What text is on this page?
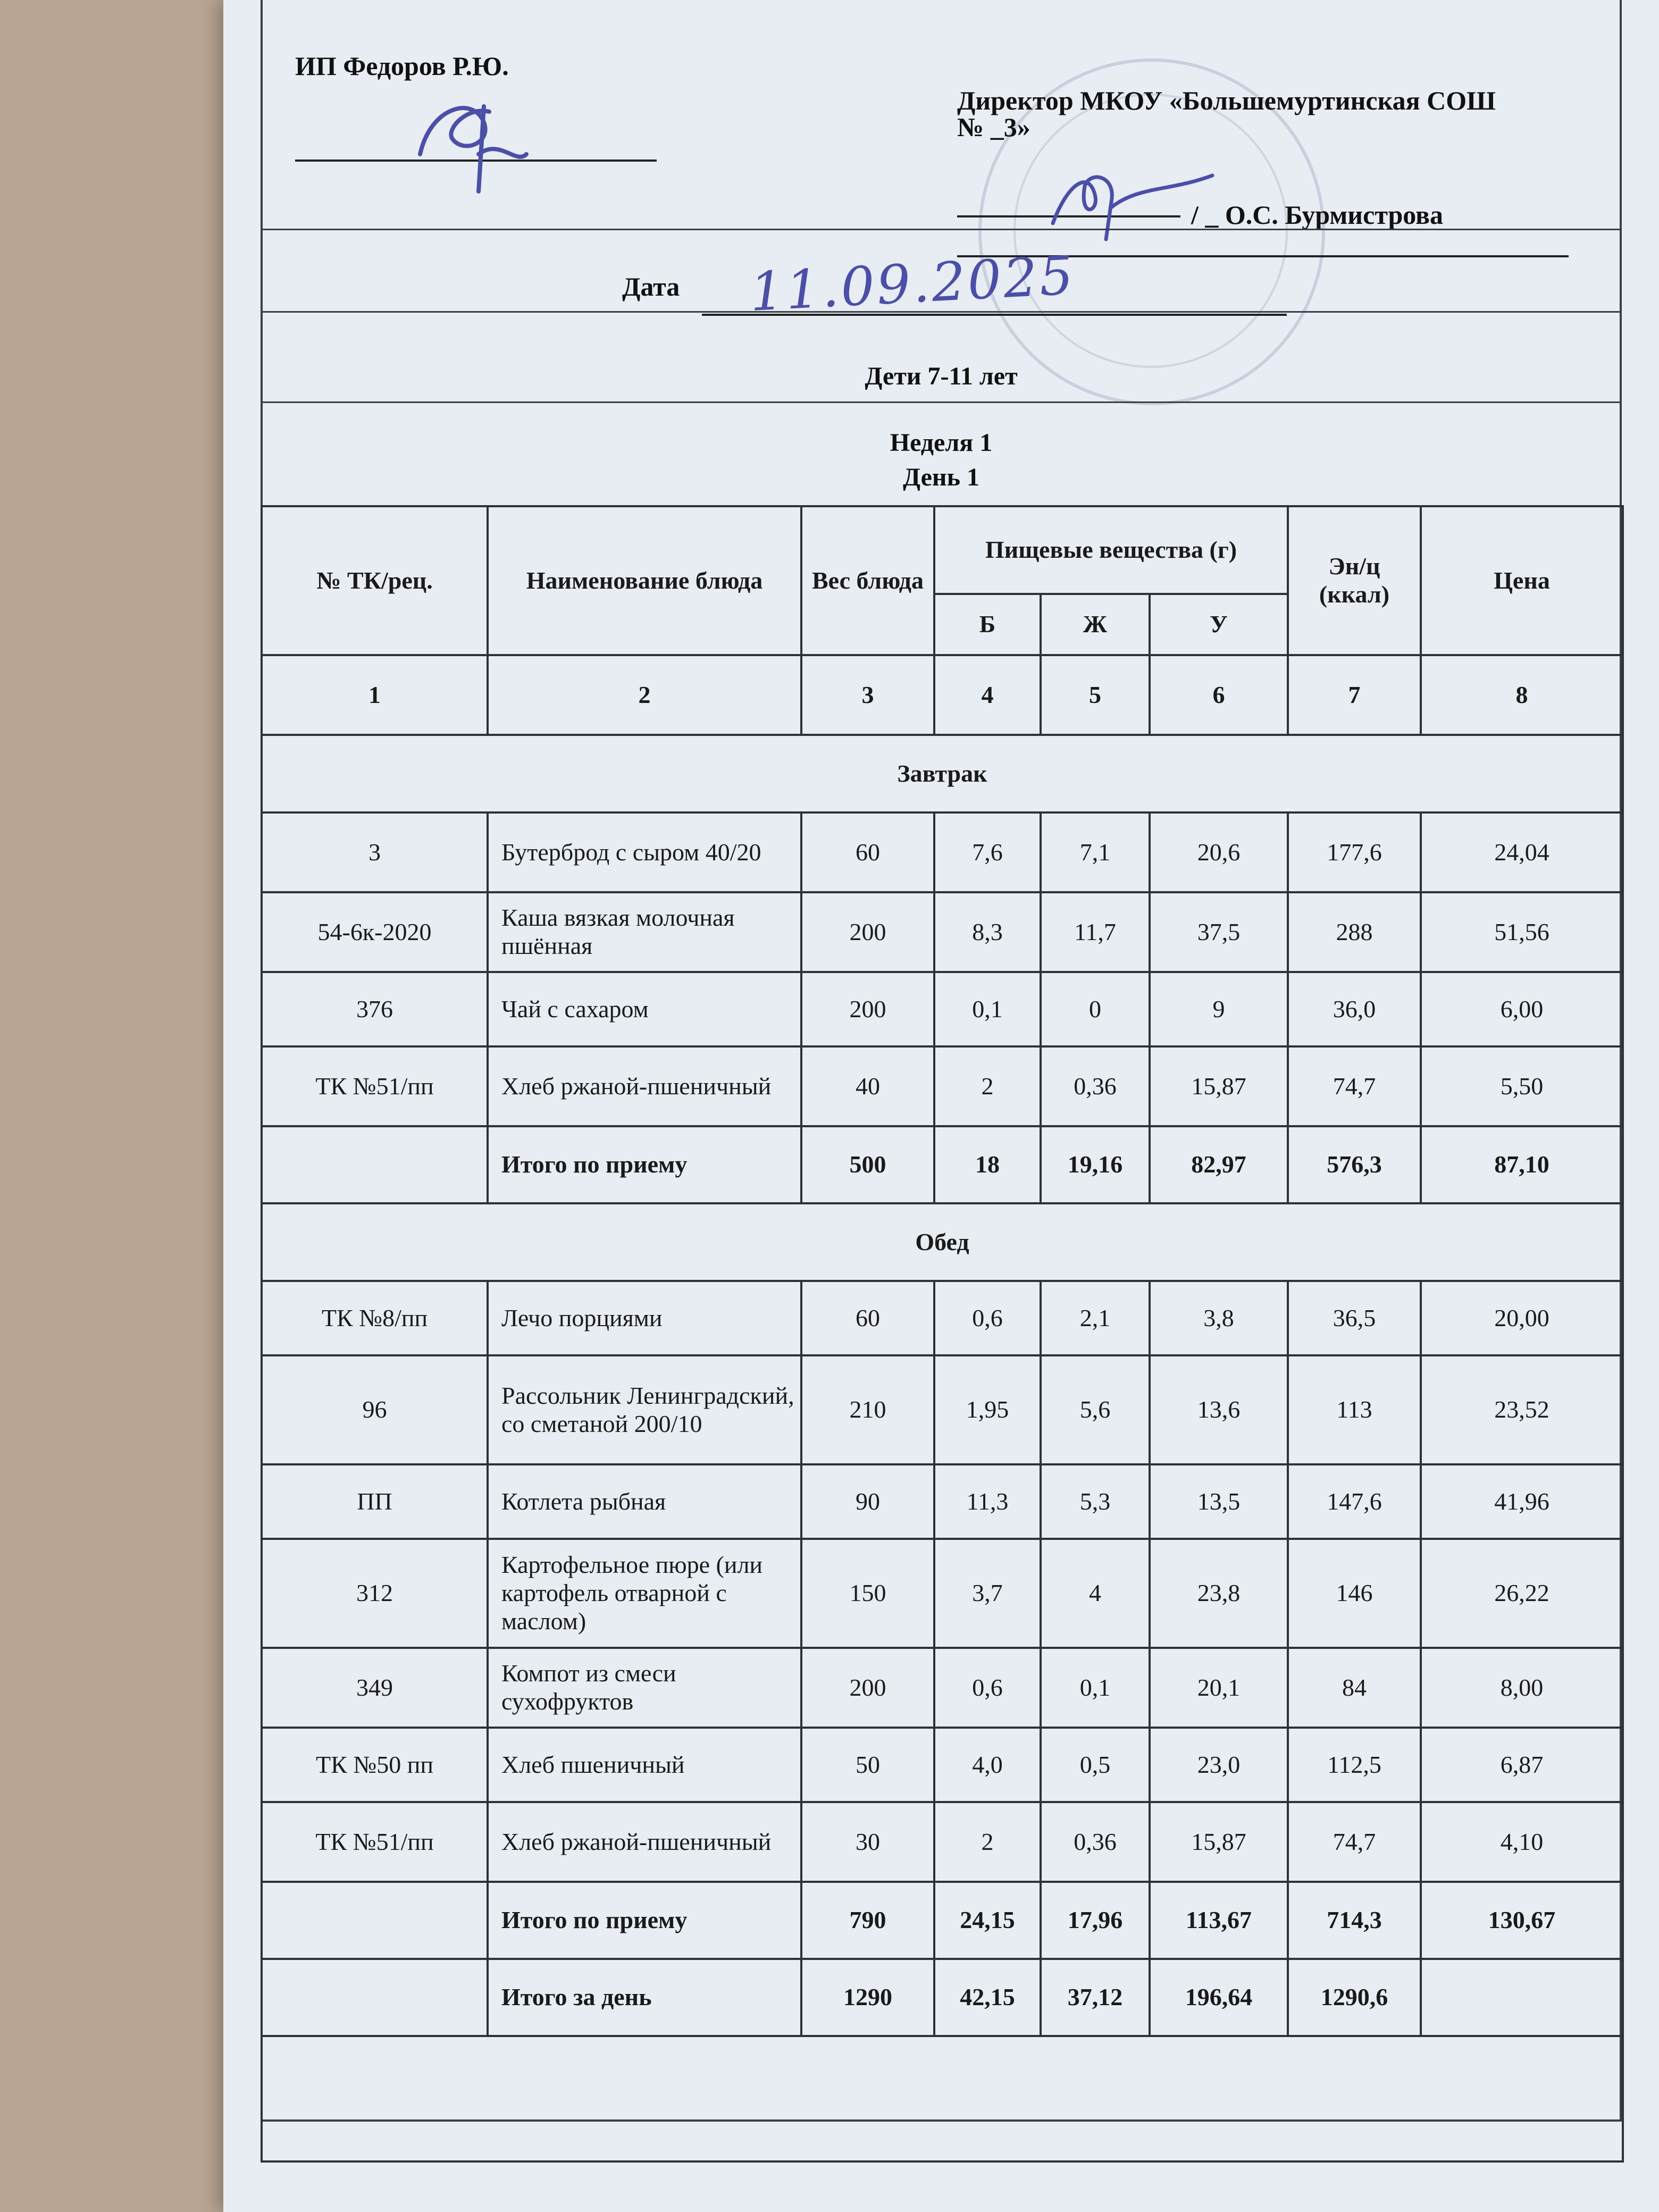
ИП Федоров Р.Ю.
Директор МКОУ «Большемуртинская СОШ
№ _3»
/ _ О.С. Бурмистрова
Дата 11.09.2025
Дети 7-11 лет
Неделя 1
День 1
№ ТК/рец.	Наименование блюда	Вес блюда	Пищевые вещества (г)			Эн/ц (ккал)	Цена
			Б	Ж	У		
1	2	3	4	5	6	7	8
Завтрак							
3	Бутерброд с сыром 40/20	60	7,6	7,1	20,6	177,6	24,04
54-6к-2020	Каша вязкая молочная пшённая	200	8,3	11,7	37,5	288	51,56
376	Чай с сахаром	200	0,1	0	9	36,0	6,00
ТК №51/пп	Хлеб ржаной-пшеничный	40	2	0,36	15,87	74,7	5,50
	Итого по приему	500	18	19,16	82,97	576,3	87,10
Обед							
ТК №8/пп	Лечо порциями	60	0,6	2,1	3,8	36,5	20,00
96	Рассольник Ленинградский, со сметаной 200/10	210	1,95	5,6	13,6	113	23,52
ПП	Котлета рыбная	90	11,3	5,3	13,5	147,6	41,96
312	Картофельное пюре (или картофель отварной с маслом)	150	3,7	4	23,8	146	26,22
349	Компот из смеси сухофруктов	200	0,6	0,1	20,1	84	8,00
ТК №50 пп	Хлеб пшеничный	50	4,0	0,5	23,0	112,5	6,87
ТК №51/пп	Хлеб ржаной-пшеничный	30	2	0,36	15,87	74,7	4,10
	Итого по приему	790	24,15	17,96	113,67	714,3	130,67
	Итого за день	1290	42,15	37,12	196,64	1290,6	
